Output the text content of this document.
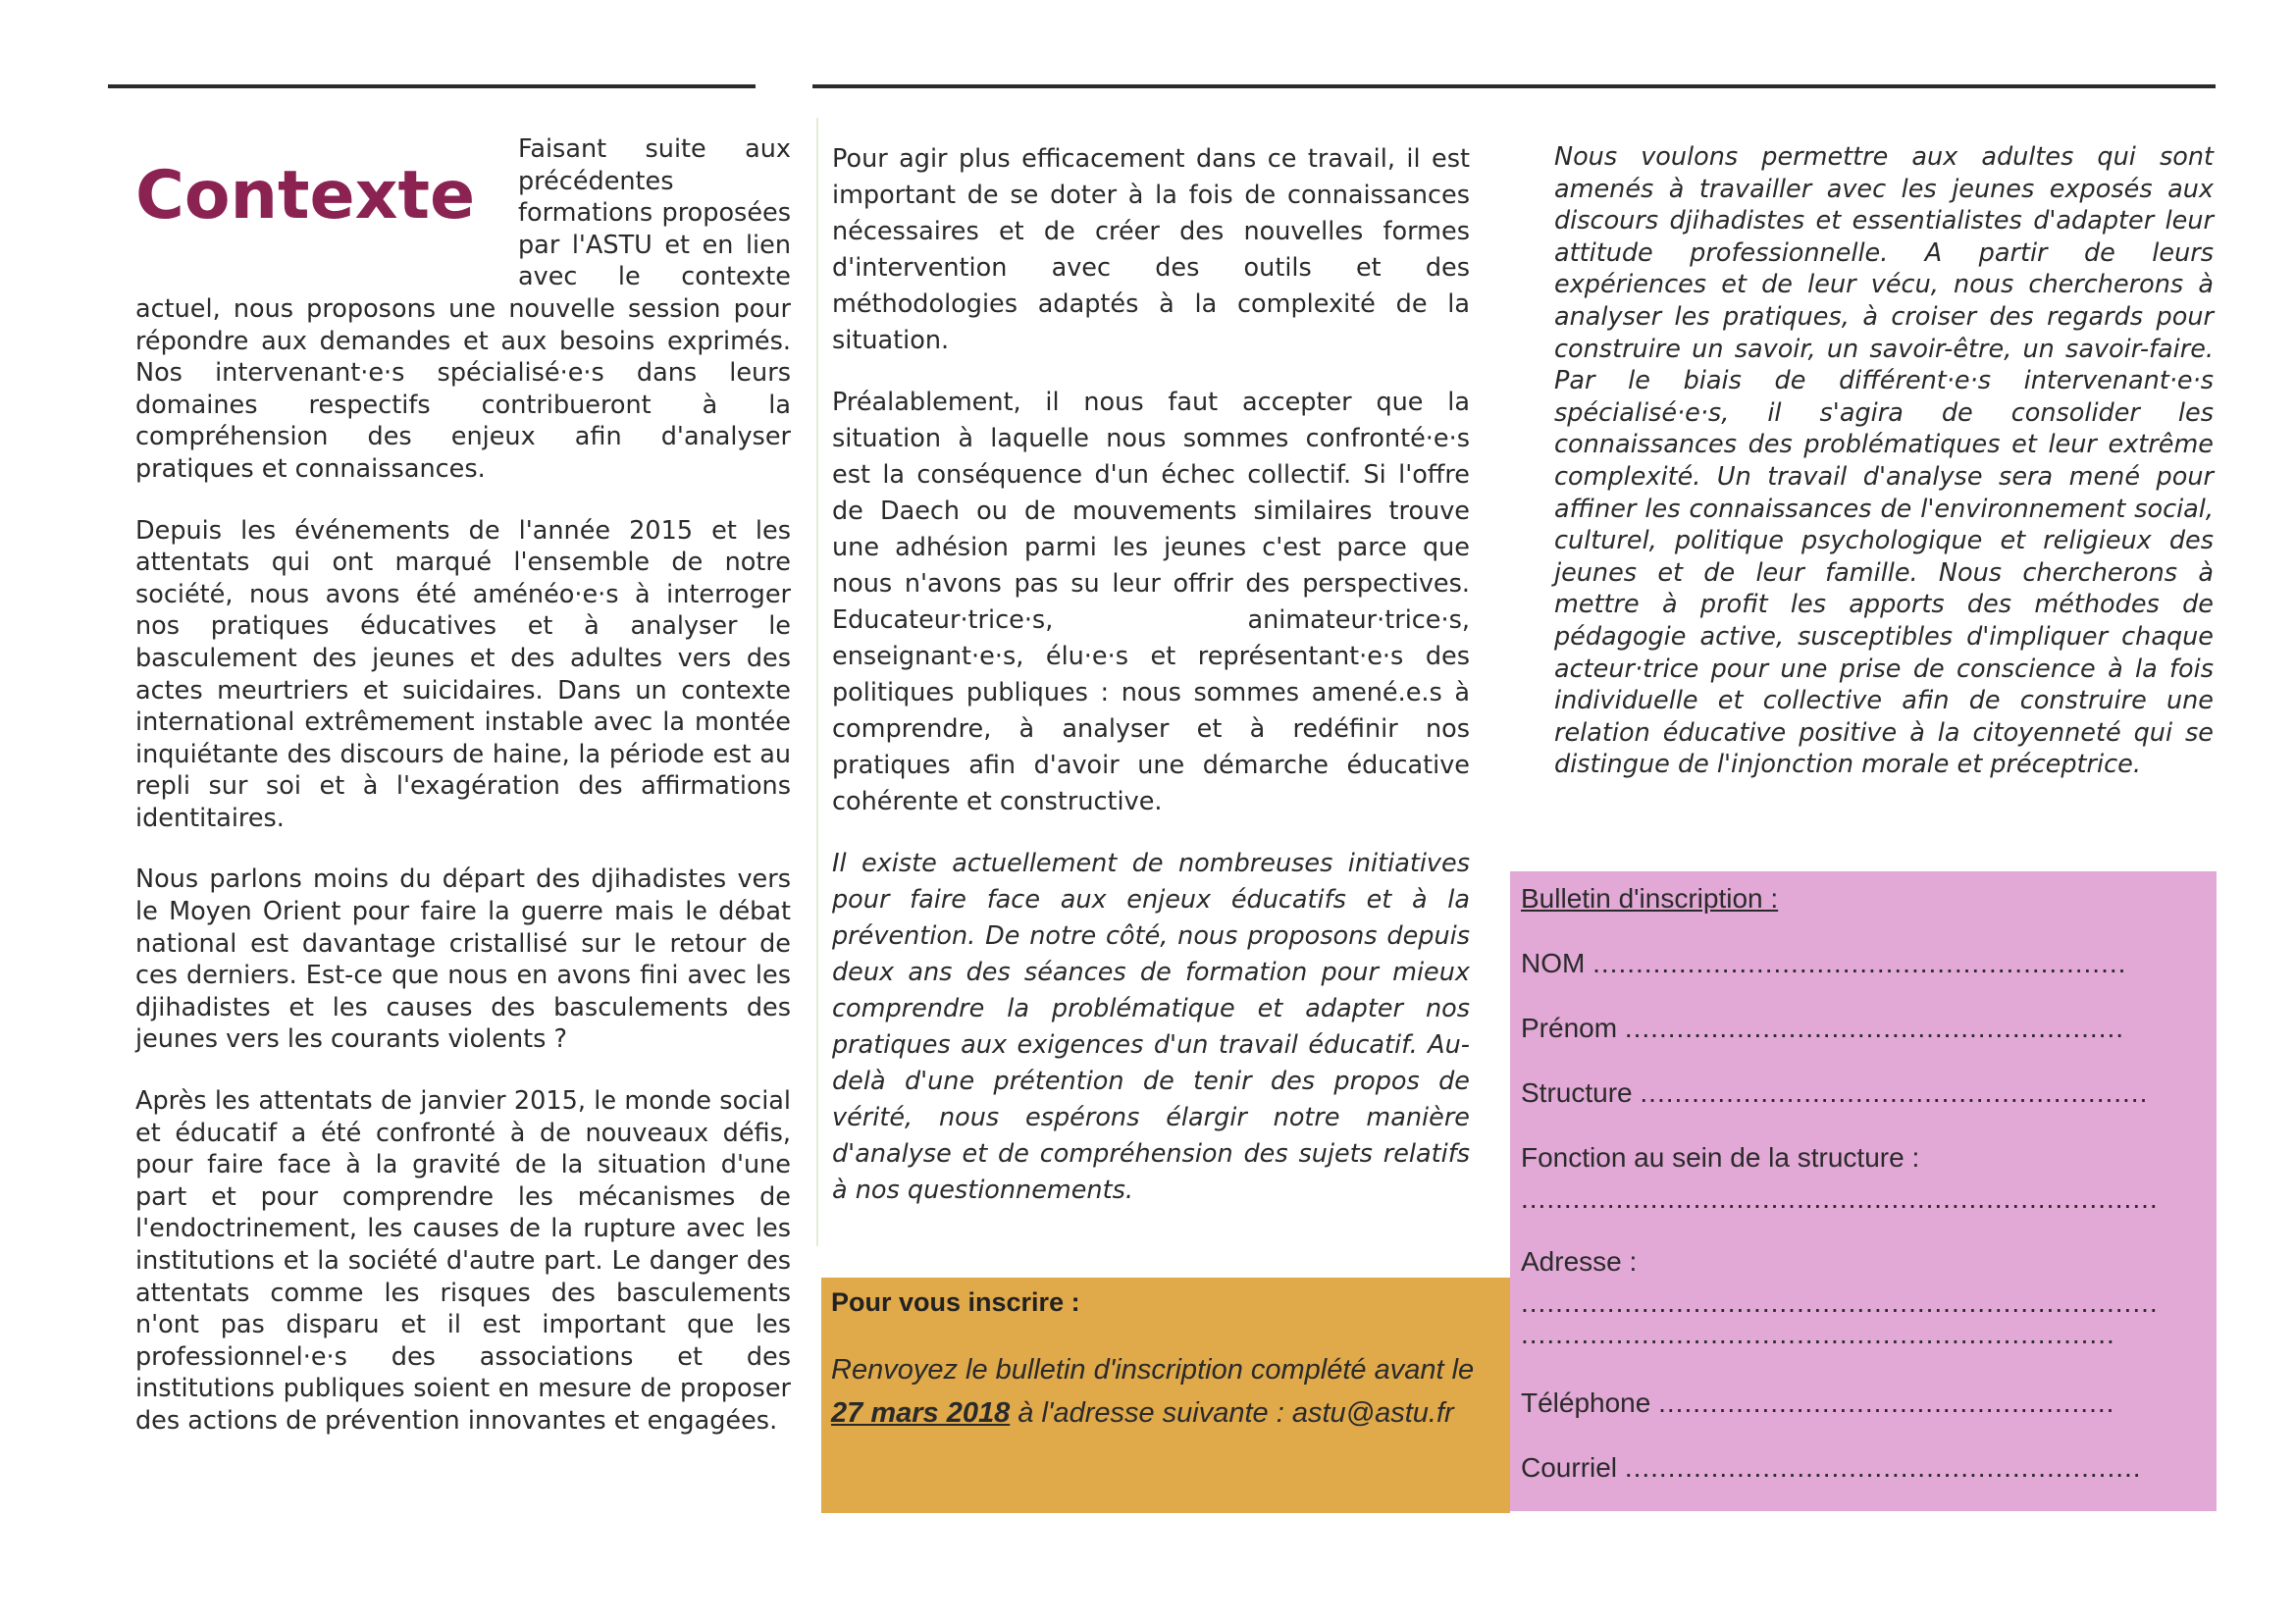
Contexte

Faisant suite aux précédentes formations proposées par l'ASTU et en lien avec le contexte actuel, nous proposons une nouvelle session pour répondre aux demandes et aux besoins exprimés. Nos intervenant·e·s spécialisé·e·s dans leurs domaines respectifs contribueront à la compréhension des enjeux afin d'analyser pratiques et connaissances.

Depuis les événements de l'année 2015 et les attentats qui ont marqué l'ensemble de notre société, nous avons été aménéo·e·s à interroger nos pratiques éducatives et à analyser le basculement des jeunes et des adultes vers des actes meurtriers et suicidaires. Dans un contexte international extrêmement instable avec la montée inquiétante des discours de haine, la période est au repli sur soi et à l'exagération des affirmations identitaires.

Nous parlons moins du départ des djihadistes vers le Moyen Orient pour faire la guerre mais le débat national est davantage cristallisé sur le retour de ces derniers. Est-ce que nous en avons fini avec les djihadistes et les causes des basculements des jeunes vers les courants violents ?

Après les attentats de janvier 2015, le monde social et éducatif a été confronté à de nouveaux défis, pour faire face à la gravité de la situation d'une part et pour comprendre les mécanismes de l'endoctrinement, les causes de la rupture avec les institutions et la société d'autre part. Le danger des attentats comme les risques des basculements n'ont pas disparu et il est important que les professionnel·e·s des associations et des institutions publiques soient en mesure de proposer des actions de prévention innovantes et engagées.

Pour agir plus efficacement dans ce travail, il est important de se doter à la fois de connaissances nécessaires et de créer des nouvelles formes d'intervention avec des outils et des méthodologies adaptés à la complexité de la situation.

Préalablement, il nous faut accepter que la situation à laquelle nous sommes confronté·e·s est la conséquence d'un échec collectif. Si l'offre de Daech ou de mouvements similaires trouve une adhésion parmi les jeunes c'est parce que nous n'avons pas su leur offrir des perspectives. Educateur·trice·s, animateur·trice·s, enseignant·e·s, élu·e·s et représentant·e·s des politiques publiques : nous sommes amené.e.s à comprendre, à analyser et à redéfinir nos pratiques afin d'avoir une démarche éducative cohérente et constructive.

Il existe actuellement de nombreuses initiatives pour faire face aux enjeux éducatifs et à la prévention. De notre côté, nous proposons depuis deux ans des séances de formation pour mieux comprendre la problématique et adapter nos pratiques aux exigences d'un travail éducatif. Au-delà d'une prétention de tenir des propos de vérité, nous espérons élargir notre manière d'analyse et de compréhension des sujets relatifs à nos questionnements.

Nous voulons permettre aux adultes qui sont amenés à travailler avec les jeunes exposés aux discours djihadistes et essentialistes d'adapter leur attitude professionnelle. A partir de leurs expériences et de leur vécu, nous chercherons à analyser les pratiques, à croiser des regards pour construire un savoir, un savoir-être, un savoir-faire. Par le biais de différent·e·s intervenant·e·s spécialisé·e·s, il s'agira de consolider les connaissances des problématiques et leur extrême complexité. Un travail d'analyse sera mené pour affiner les connaissances de l'environnement social, culturel, politique psychologique et religieux des jeunes et de leur famille. Nous chercherons à mettre à profit les apports des méthodes de pédagogie active, susceptibles d'impliquer chaque acteur·trice pour une prise de conscience à la fois individuelle et collective afin de construire une relation éducative positive à la citoyenneté qui se distingue de l'injonction morale et préceptrice.

Pour vous inscrire :
Renvoyez le bulletin d'inscription complété avant le 27 mars 2018 à l'adresse suivante : astu@astu.fr
Bulletin d'inscription :
NOM ..............................................................
Prénom ..........................................................
Structure ...........................................................
Fonction au sein de la structure :
..........................................................................
Adresse :
..........................................................................
.....................................................................
Téléphone .....................................................
Courriel ............................................................
